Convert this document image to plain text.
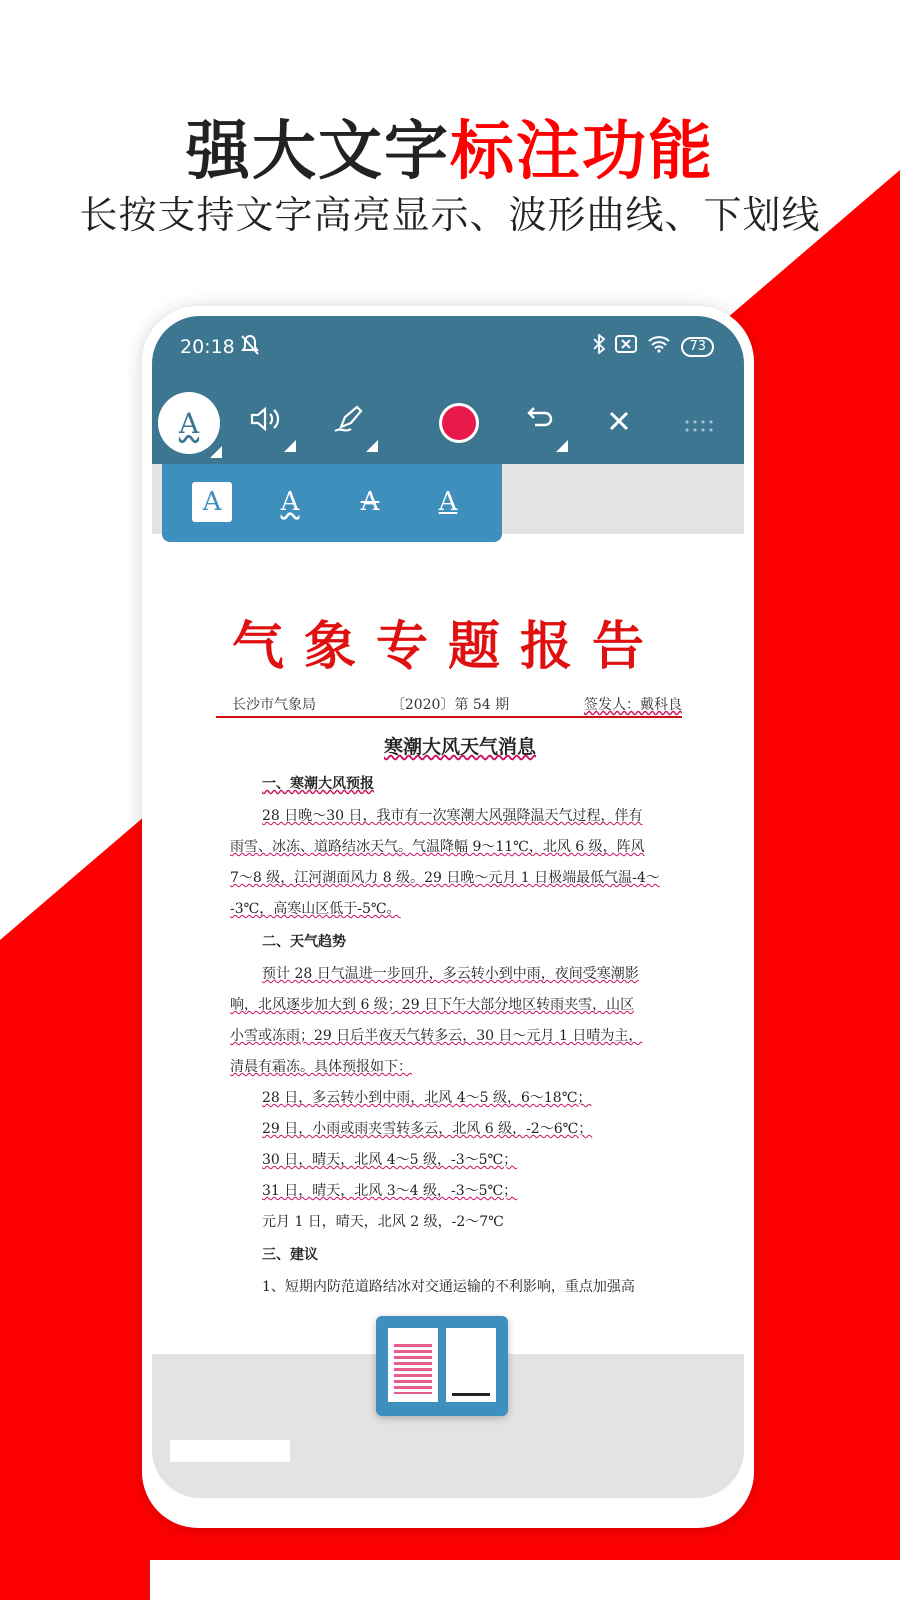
强大文字标注功能
长按支持文字高亮显示、波形曲线、下划线
20:18	73
A
气象专题报告
长沙市气象局	〔2020〕第 54 期	签发人：戴科良
寒潮大风天气消息
一、寒潮大风预报
28 日晚～30 日，我市有一次寒潮大风强降温天气过程，伴有
雨雪、冰冻、道路结冰天气。气温降幅 9～11℃，北风 6 级，阵风
7～8 级，江河湖面风力 8 级。29 日晚～元月 1 日极端最低气温-4～
-3℃，高寒山区低于-5℃。
二、天气趋势
预计 28 日气温进一步回升，多云转小到中雨，夜间受寒潮影
响，北风逐步加大到 6 级；29 日下午大部分地区转雨夹雪，山区
小雪或冻雨；29 日后半夜天气转多云，30 日～元月 1 日晴为主，
清晨有霜冻。具体预报如下：
28 日，多云转小到中雨，北风 4～5 级，6～18℃；
29 日，小雨或雨夹雪转多云，北风 6 级，-2～6℃；
30 日，晴天，北风 4～5 级，-3～5℃；
31 日，晴天，北风 3～4 级，-3～5℃；
元月 1 日，晴天，北风 2 级，-2～7℃
三、建议
1、短期内防范道路结冰对交通运输的不利影响，重点加强高
A A A A
